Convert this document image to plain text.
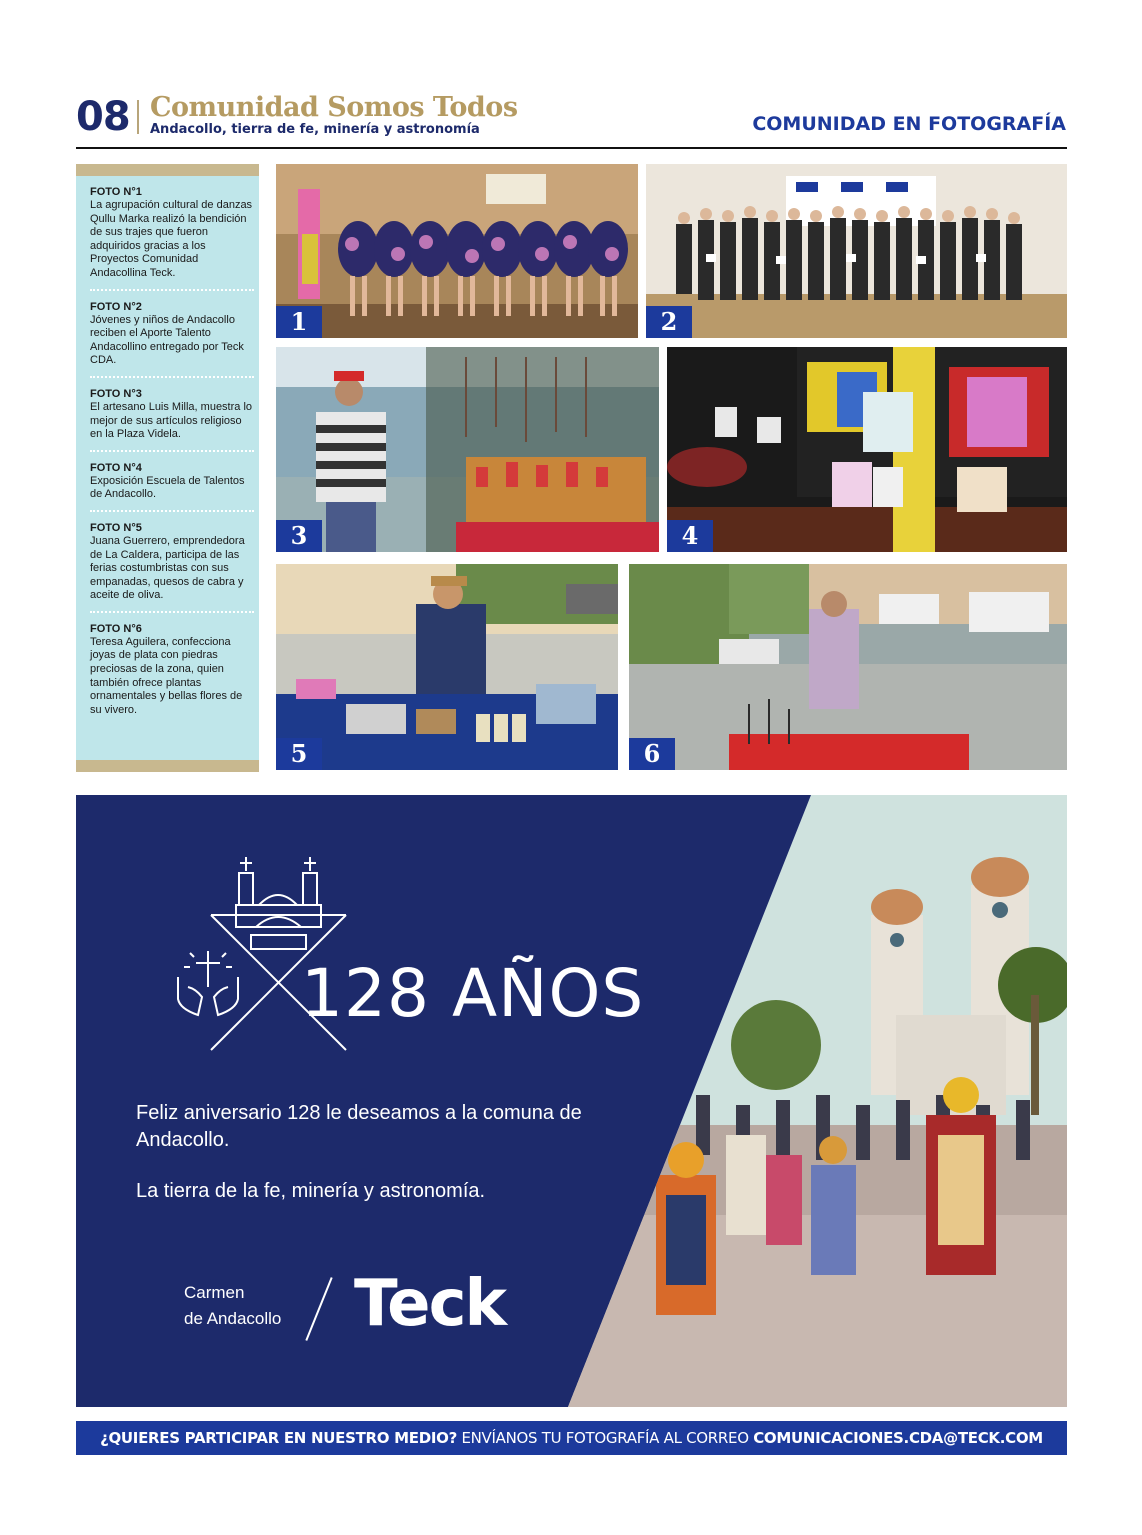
08 Comunidad Somos Todos
Andacollo, tierra de fe, minería y astronomía	COMUNIDAD EN FOTOGRAFÍA
FOTO N°1
La agrupación cultural de danzas Qullu Marka realizó la bendición de sus trajes que fueron adquiridos gracias a los Proyectos Comunidad Andacollina Teck.
FOTO N°2
Jóvenes y niños de Andacollo reciben el Aporte Talento Andacollino entregado por Teck CDA.
FOTO N°3
El artesano Luis Milla, muestra lo mejor de sus artículos religioso en la Plaza Videla.
FOTO N°4
Exposición Escuela de Talentos de Andacollo.
FOTO N°5
Juana Guerrero, emprendedora de La Caldera, participa de las ferias costumbristas con sus empanadas, quesos de cabra y aceite de oliva.
FOTO N°6
Teresa Aguilera, confecciona joyas de plata con piedras preciosas de la zona, quien también ofrece plantas ornamentales y bellas flores de su vivero.
1	2
3	4
5	6
128 AÑOS
Feliz aniversario 128 le deseamos a la comuna de Andacollo.
La tierra de la fe, minería y astronomía.
Carmen
de Andacollo Teck
¿QUIERES PARTICIPAR EN NUESTRO MEDIO? ENVÍANOS TU FOTOGRAFÍA AL CORREO COMUNICACIONES.CDA@TECK.COM
